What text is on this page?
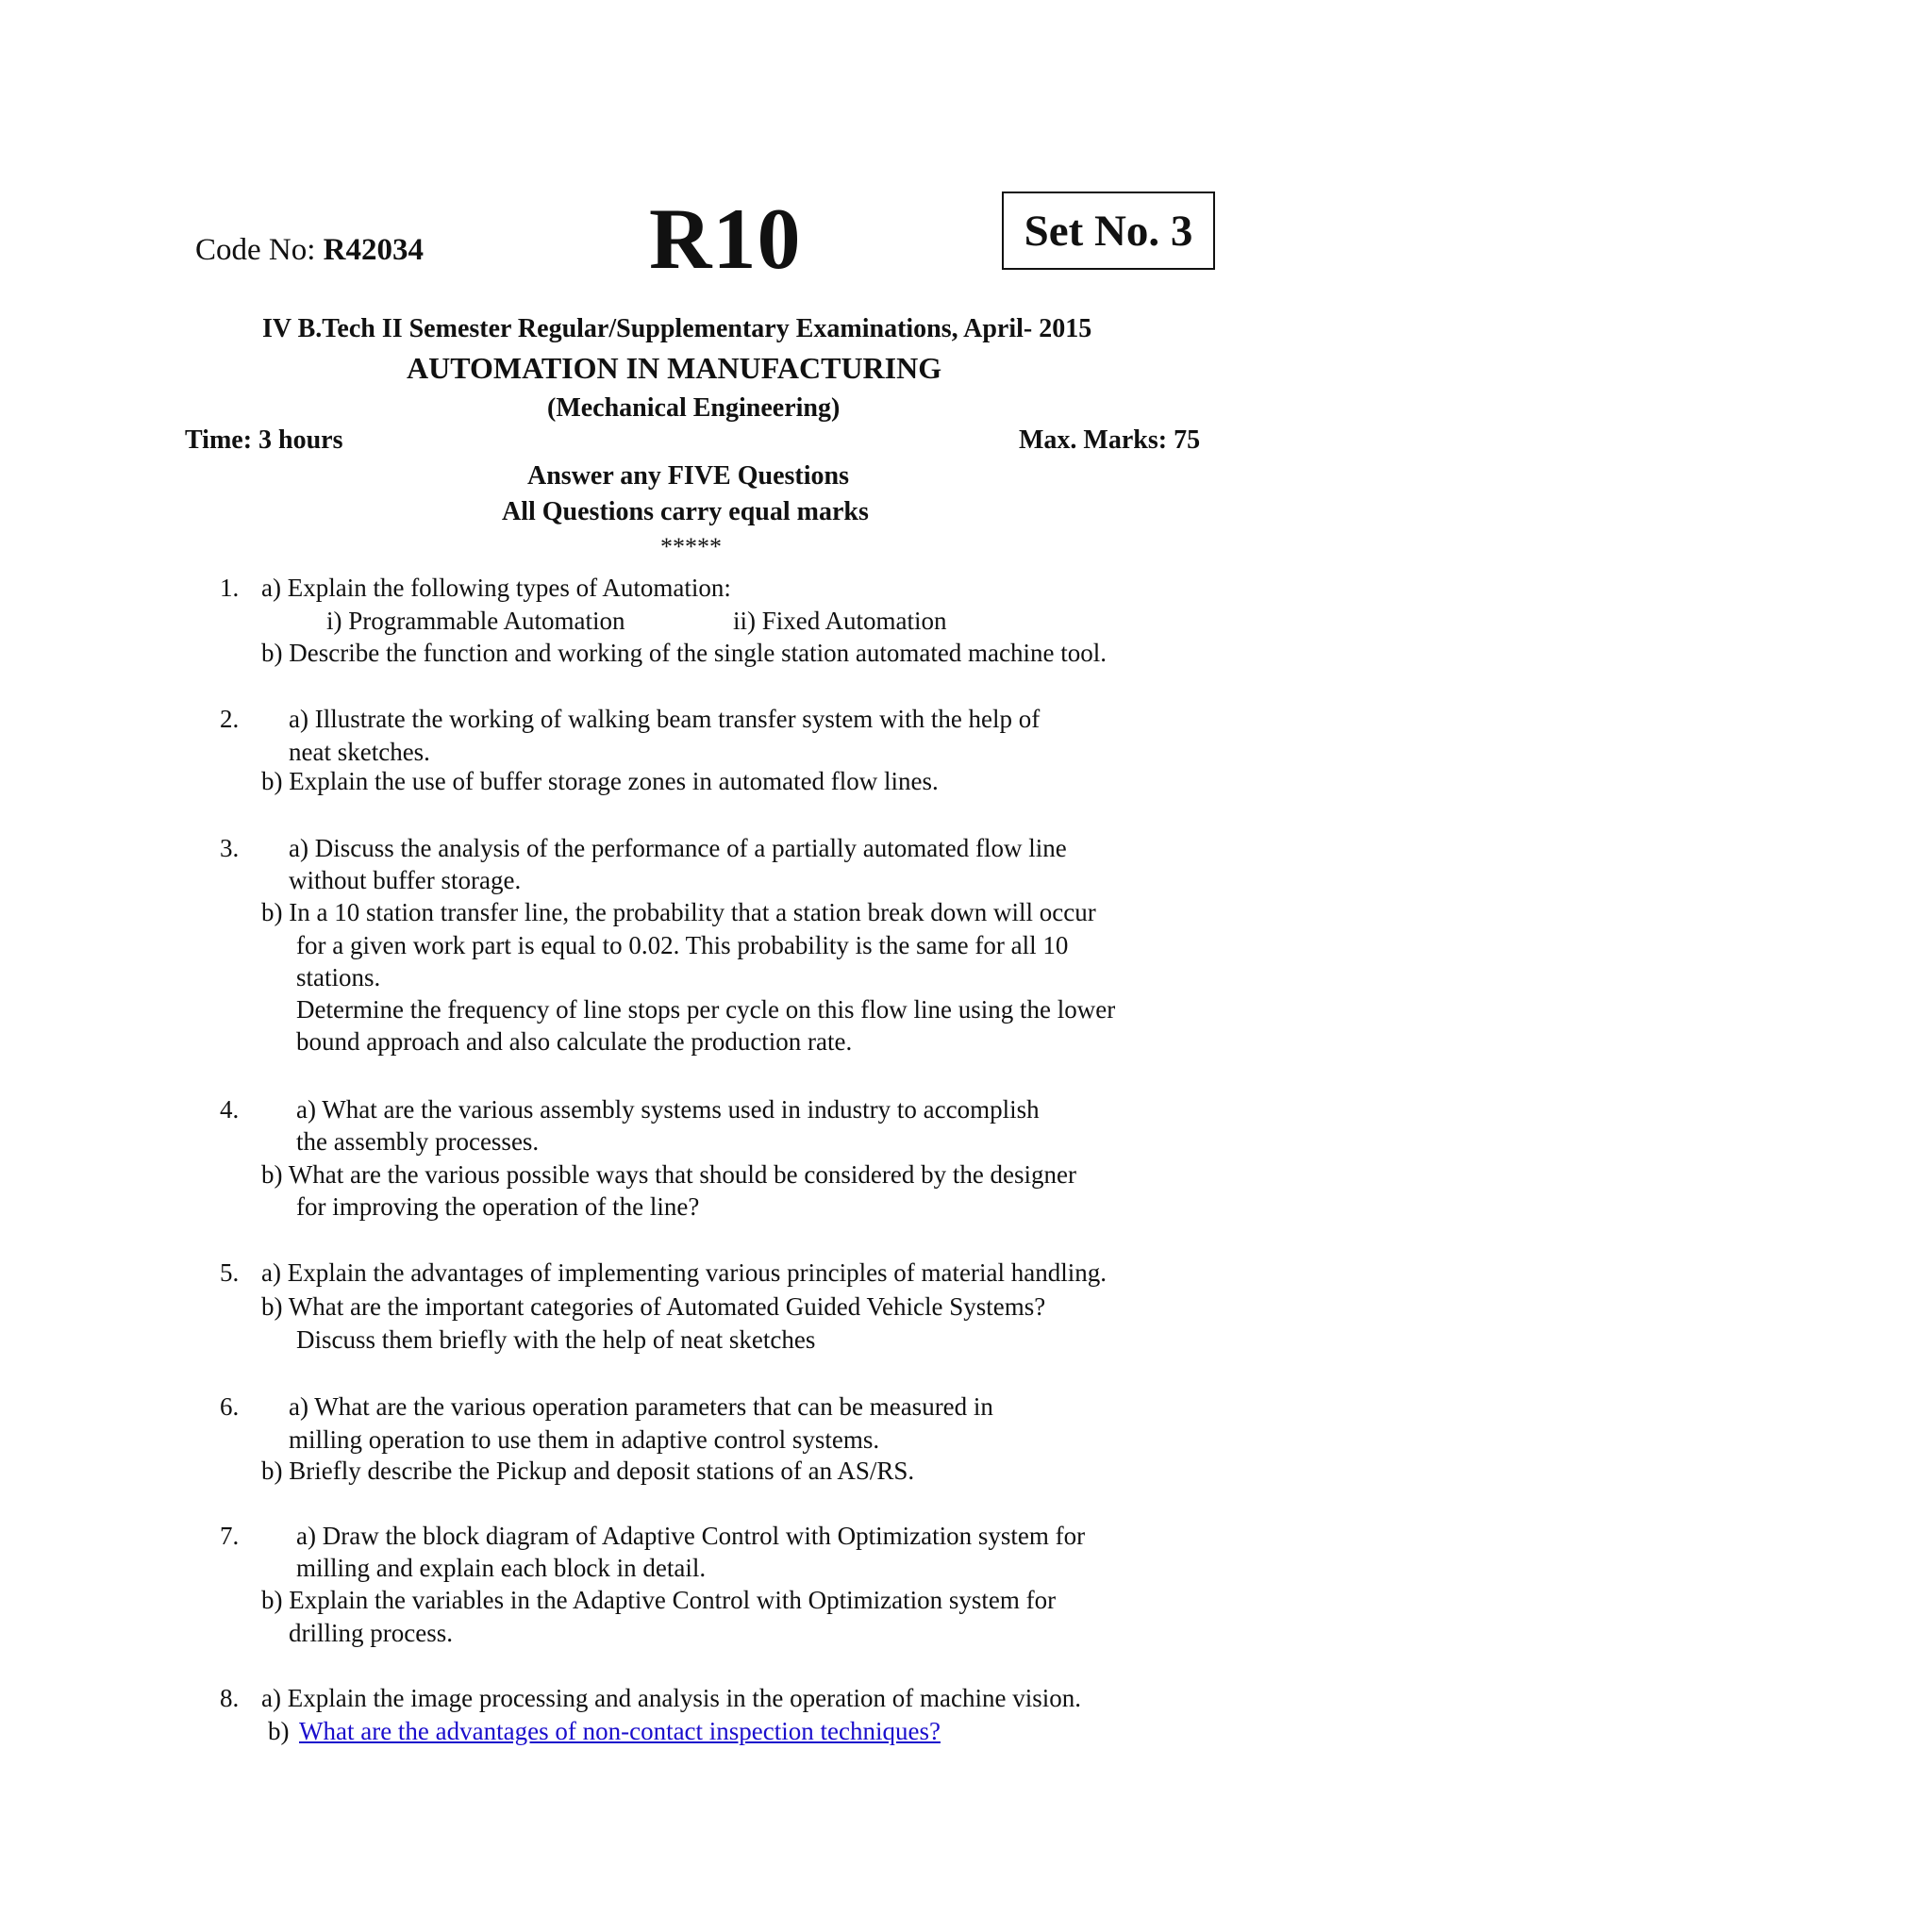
Code No: R42034	R10	Set No. 3
IV B.Tech II Semester Regular/Supplementary Examinations, April- 2015
AUTOMATION IN MANUFACTURING
(Mechanical Engineering)
Time: 3 hours	Max. Marks: 75
Answer any FIVE Questions
All Questions carry equal marks
*****
1. a) Explain the following types of Automation:
i) Programmable Automation	ii) Fixed Automation
b) Describe the function and working of the single station automated machine tool.
2. a) Illustrate the working of walking beam transfer system with the help of
neat sketches.
b) Explain the use of buffer storage zones in automated flow lines.
3. a) Discuss the analysis of the performance of a partially automated flow line
without buffer storage.
b) In a 10 station transfer line, the probability that a station break down will occur
for a given work part is equal to 0.02. This probability is the same for all 10
stations.
Determine the frequency of line stops per cycle on this flow line using the lower
bound approach and also calculate the production rate.
4. a) What are the various assembly systems used in industry to accomplish
the assembly processes.
b) What are the various possible ways that should be considered by the designer
for improving the operation of the line?
5. a) Explain the advantages of implementing various principles of material handling.
b) What are the important categories of Automated Guided Vehicle Systems?
Discuss them briefly with the help of neat sketches
6. a) What are the various operation parameters that can be measured in
milling operation to use them in adaptive control systems.
b) Briefly describe the Pickup and deposit stations of an AS/RS.
7. a) Draw the block diagram of Adaptive Control with Optimization system for
milling and explain each block in detail.
b) Explain the variables in the Adaptive Control with Optimization system for
drilling process.
8. a) Explain the image processing and analysis in the operation of machine vision.
b) What are the advantages of non-contact inspection techniques?
